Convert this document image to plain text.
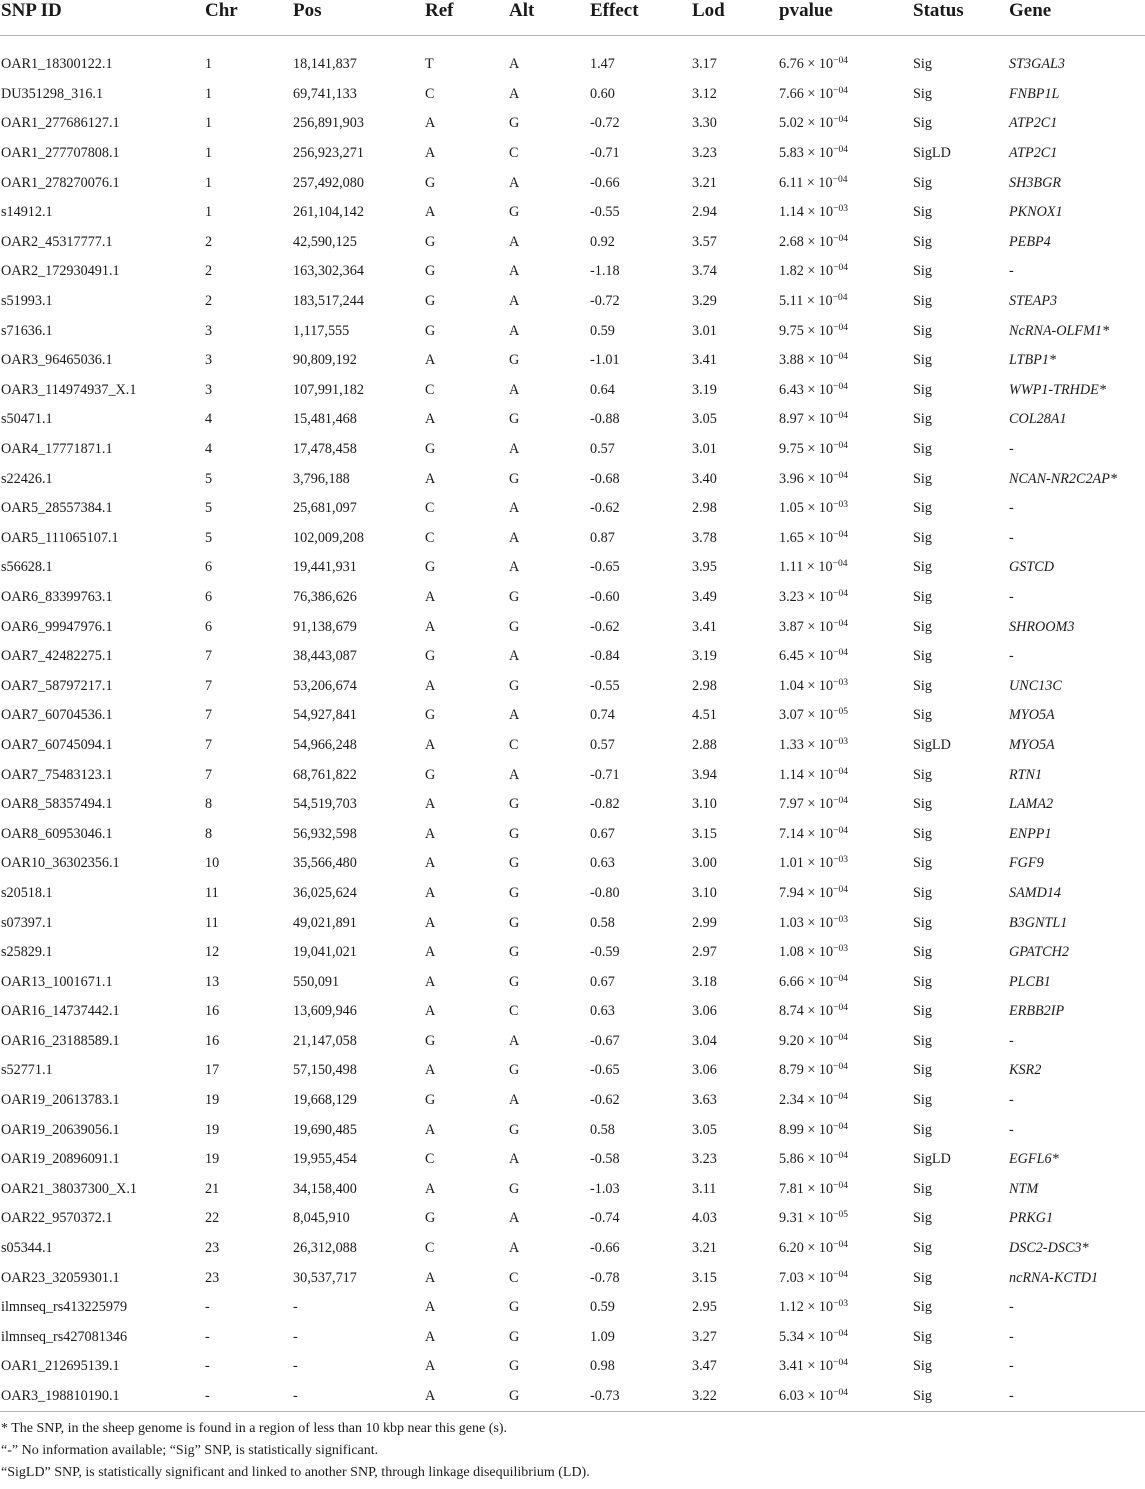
SNP ID	Chr	Pos	Ref	Alt	Effect	Lod	pvalue	Status	Gene

OAR1_18300122.1	1	18,141,837	T	A	1.47	3.17	$6.76 \times 10^{-04}$	Sig	ST3GAL3
DU351298_316.1	1	69,741,133	C	A	0.60	3.12	$7.66 \times 10^{-04}$	Sig	FNBP1L
OAR1_277686127.1	1	256,891,903	A	G	-0.72	3.30	$5.02 \times 10^{-04}$	Sig	ATP2C1
OAR1_277707808.1	1	256,923,271	A	C	-0.71	3.23	$5.83 \times 10^{-04}$	SigLD	ATP2C1
OAR1_278270076.1	1	257,492,080	G	A	-0.66	3.21	$6.11 \times 10^{-04}$	Sig	SH3BGR
s14912.1	1	261,104,142	A	G	-0.55	2.94	$1.14 \times 10^{-03}$	Sig	PKNOX1
OAR2_45317777.1	2	42,590,125	G	A	0.92	3.57	$2.68 \times 10^{-04}$	Sig	PEBP4
OAR2_172930491.1	2	163,302,364	G	A	-1.18	3.74	$1.82 \times 10^{-04}$	Sig	-
s51993.1	2	183,517,244	G	A	-0.72	3.29	$5.11 \times 10^{-04}$	Sig	STEAP3
s71636.1	3	1,117,555	G	A	0.59	3.01	$9.75 \times 10^{-04}$	Sig	NcRNA-OLFM1*
OAR3_96465036.1	3	90,809,192	A	G	-1.01	3.41	$3.88 \times 10^{-04}$	Sig	LTBP1*
OAR3_114974937_X.1	3	107,991,182	C	A	0.64	3.19	$6.43 \times 10^{-04}$	Sig	WWP1-TRHDE*
s50471.1	4	15,481,468	A	G	-0.88	3.05	$8.97 \times 10^{-04}$	Sig	COL28A1
OAR4_17771871.1	4	17,478,458	G	A	0.57	3.01	$9.75 \times 10^{-04}$	Sig	-
s22426.1	5	3,796,188	A	G	-0.68	3.40	$3.96 \times 10^{-04}$	Sig	NCAN-NR2C2AP*
OAR5_28557384.1	5	25,681,097	C	A	-0.62	2.98	$1.05 \times 10^{-03}$	Sig	-
OAR5_111065107.1	5	102,009,208	C	A	0.87	3.78	$1.65 \times 10^{-04}$	Sig	-
s56628.1	6	19,441,931	G	A	-0.65	3.95	$1.11 \times 10^{-04}$	Sig	GSTCD
OAR6_83399763.1	6	76,386,626	A	G	-0.60	3.49	$3.23 \times 10^{-04}$	Sig	-
OAR6_99947976.1	6	91,138,679	A	G	-0.62	3.41	$3.87 \times 10^{-04}$	Sig	SHROOM3
OAR7_42482275.1	7	38,443,087	G	A	-0.84	3.19	$6.45 \times 10^{-04}$	Sig	-
OAR7_58797217.1	7	53,206,674	A	G	-0.55	2.98	$1.04 \times 10^{-03}$	Sig	UNC13C
OAR7_60704536.1	7	54,927,841	G	A	0.74	4.51	$3.07 \times 10^{-05}$	Sig	MYO5A
OAR7_60745094.1	7	54,966,248	A	C	0.57	2.88	$1.33 \times 10^{-03}$	SigLD	MYO5A
OAR7_75483123.1	7	68,761,822	G	A	-0.71	3.94	$1.14 \times 10^{-04}$	Sig	RTN1
OAR8_58357494.1	8	54,519,703	A	G	-0.82	3.10	$7.97 \times 10^{-04}$	Sig	LAMA2
OAR8_60953046.1	8	56,932,598	A	G	0.67	3.15	$7.14 \times 10^{-04}$	Sig	ENPP1
OAR10_36302356.1	10	35,566,480	A	G	0.63	3.00	$1.01 \times 10^{-03}$	Sig	FGF9
s20518.1	11	36,025,624	A	G	-0.80	3.10	$7.94 \times 10^{-04}$	Sig	SAMD14
s07397.1	11	49,021,891	A	G	0.58	2.99	$1.03 \times 10^{-03}$	Sig	B3GNTL1
s25829.1	12	19,041,021	A	G	-0.59	2.97	$1.08 \times 10^{-03}$	Sig	GPATCH2
OAR13_1001671.1	13	550,091	A	G	0.67	3.18	$6.66 \times 10^{-04}$	Sig	PLCB1
OAR16_14737442.1	16	13,609,946	A	C	0.63	3.06	$8.74 \times 10^{-04}$	Sig	ERBB2IP
OAR16_23188589.1	16	21,147,058	G	A	-0.67	3.04	$9.20 \times 10^{-04}$	Sig	-
s52771.1	17	57,150,498	A	G	-0.65	3.06	$8.79 \times 10^{-04}$	Sig	KSR2
OAR19_20613783.1	19	19,668,129	G	A	-0.62	3.63	$2.34 \times 10^{-04}$	Sig	-
OAR19_20639056.1	19	19,690,485	A	G	0.58	3.05	$8.99 \times 10^{-04}$	Sig	-
OAR19_20896091.1	19	19,955,454	C	A	-0.58	3.23	$5.86 \times 10^{-04}$	SigLD	EGFL6*
OAR21_38037300_X.1	21	34,158,400	A	G	-1.03	3.11	$7.81 \times 10^{-04}$	Sig	NTM
OAR22_9570372.1	22	8,045,910	G	A	-0.74	4.03	$9.31 \times 10^{-05}$	Sig	PRKG1
s05344.1	23	26,312,088	C	A	-0.66	3.21	$6.20 \times 10^{-04}$	Sig	DSC2-DSC3*
OAR23_32059301.1	23	30,537,717	A	C	-0.78	3.15	$7.03 \times 10^{-04}$	Sig	ncRNA-KCTD1
ilmnseq_rs413225979	-	-	A	G	0.59	2.95	$1.12 \times 10^{-03}$	Sig	-
ilmnseq_rs427081346	-	-	A	G	1.09	3.27	$5.34 \times 10^{-04}$	Sig	-
OAR1_212695139.1	-	-	A	G	0.98	3.47	$3.41 \times 10^{-04}$	Sig	-
OAR3_198810190.1	-	-	A	G	-0.73	3.22	$6.03 \times 10^{-04}$	Sig	-
* The SNP, in the sheep genome is found in a region of less than 10 kbp near this gene (s).
“-” No information available; “Sig” SNP, is statistically significant.
“SigLD” SNP, is statistically significant and linked to another SNP, through linkage disequilibrium (LD).
